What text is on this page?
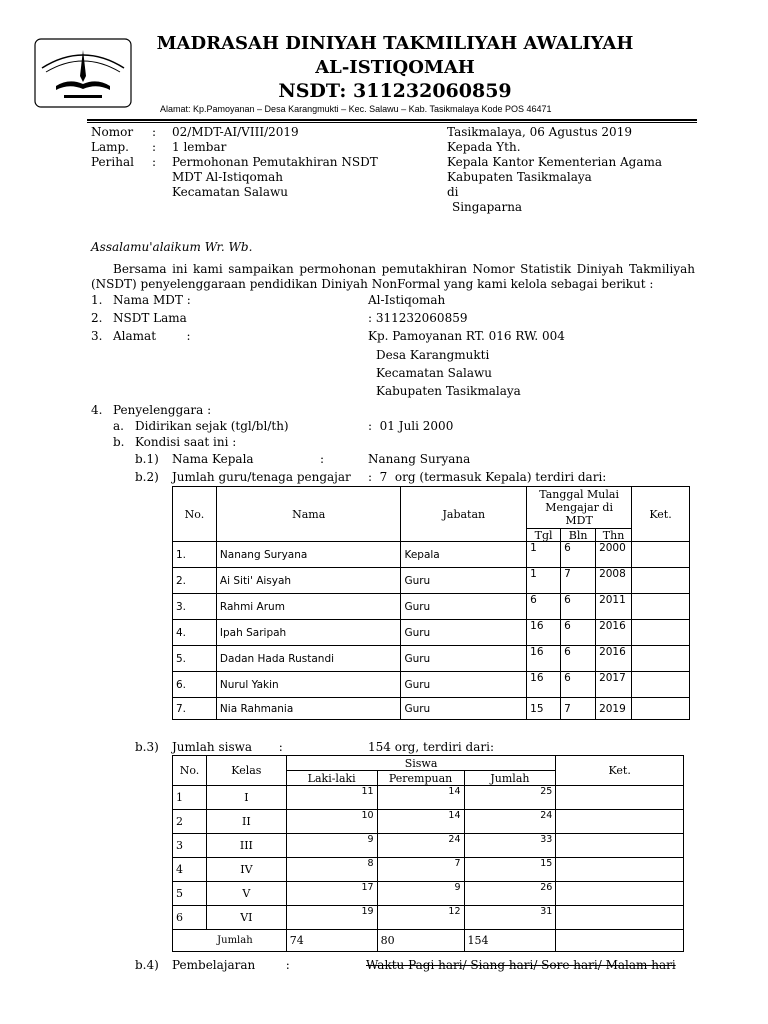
MADRASAH DINIYAH TAKMILIYAH AWALIYAH
AL-ISTIQOMAH
NSDT: 311232060859
Alamat: Kp.Pamoyanan – Desa Karangmukti – Kec. Salawu – Kab. Tasikmalaya Kode POS 46471
Nomor : 02/MDT-AI/VIII/2019
Lamp. : 1 lembar
Perihal : Permohonan Pemutakhiran NSDT
MDT Al-Istiqomah
Kecamatan Salawu
Tasikmalaya, 06 Agustus 2019
Kepada Yth.
Kepala Kantor Kementerian Agama
Kabupaten Tasikmalaya
di
Singaparna
Assalamu'alaikum Wr. Wb.
Bersama ini kami sampaikan permohonan pemutakhiran Nomor Statistik Diniyah Takmiliyah
(NSDT) penyelenggaraan pendidikan Diniyah NonFormal yang kami kelola sebagai berikut :
1. Nama MDT :	Al-Istiqomah
2. NSDT Lama	: 311232060859
3. Alamat        :	Kp. Pamoyanan RT. 016 RW. 004
Desa Karangmukti
Kecamatan Salawu
Kabupaten Tasikmalaya
4. Penyelenggara :
a. Didirikan sejak (tgl/bl/th)	:  01 Juli 2000
b. Kondisi saat ini :
b.1) Nama Kepala	:	Nanang Suryana
b.2) Jumlah guru/tenaga pengajar :  7  org (termasuk Kepala) terdiri dari:
No.	Nama	Jabatan	Tanggal Mulai Mengajar di MDT			Ket.
			Tgl	Bln	Thn	
1.	Nanang Suryana	Kepala	1	6	2000	
2.	Ai Siti' Aisyah	Guru	1	7	2008	
3.	Rahmi Arum	Guru	6	6	2011	
4.	Ipah Saripah	Guru	16	6	2016	
5.	Dadan Hada Rustandi	Guru	16	6	2016	
6.	Nurul Yakin	Guru	16	6	2017	
7.	Nia Rahmania	Guru	15	7	2019	
b.3) Jumlah siswa       :	154 org, terdiri dari:
No.	Kelas	Siswa			Ket.
		Laki-laki	Perempuan	Jumlah	
1	I	11	14	25	
2	II	10	14	24	
3	III	9	24	33	
4	IV	8	7	15	
5	V	17	9	26	
6	VI	19	12	31	
Jumlah		74	80	154	
b.4) Pembelajaran        :	Waktu Pagi hari/ Siang hari/ Sore hari/ Malam hari
